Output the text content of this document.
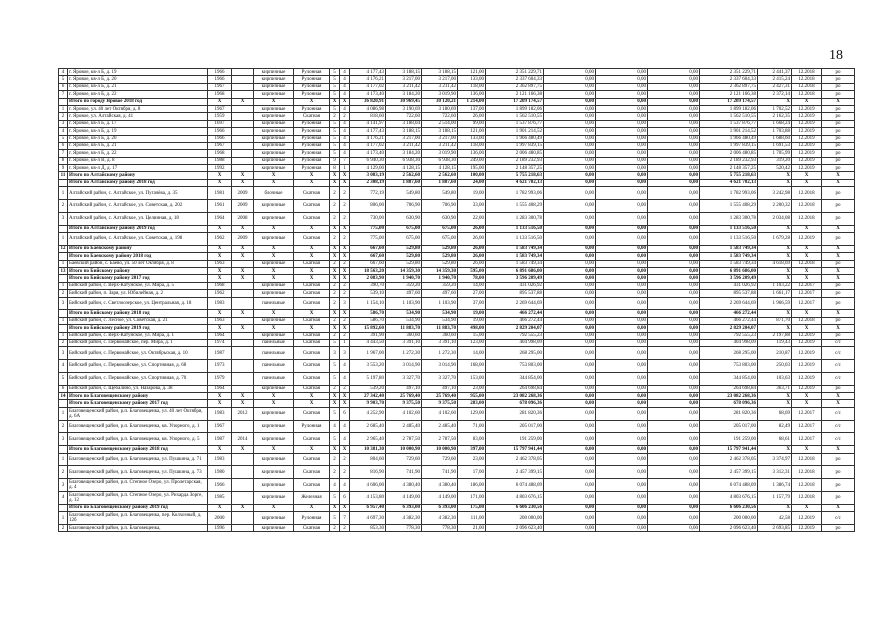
18
4	г. Яровое, кв-л Б, д. 19	1966		кирпичные	Рулонная	5	4	4 177,43	3 188,15	3 188,15	121,00	2 351 229,71	0,00	0,00	0,00	2 351 229,71	2 441,37	12.2018	ро
5	г. Яровое, кв-л Б, д. 20	1966		кирпичные	Рулонная	5	4	4 176,21	3 217,00	3 217,00	133,00	2 337 604,33	0,00	0,00	0,00	2 337 604,33	2 415,24	12.2018	ро
6	г. Яровое, кв-л Б, д. 21	1967		кирпичные	Рулонная	5	4	4 177,02	3 211,42	3 211,42	118,00	2 362 897,75	0,00	0,00	0,00	2 362 897,75	2 427,31	12.2018	ро
7	г. Яровое, кв-л Б, д. 22	1968		кирпичные	Рулонная	5	4	4 173,40	3 184,20	3 019,90	136,00	2 121 166,38	0,00	0,00	0,00	2 121 166,38	2 372,14	12.2018	ро
	Итого по городу Яровое 2018 год	X	X	X	X	X	X	36 820,91	30 969,45	30 120,21	1 214,00	17 209 174,57	0,00	0,00	0,00	17 209 174,57	X	X	X
1	г. Яровое, ул. 40 лет Октября, д. 8	1967		кирпичные	Рулонная	5	4	4 086,98	3 190,69	3 180,69	137,00	1 899 182,06	0,00	0,00	0,00	1 899 182,06	1 702,52	12.2019	ро
2	г. Яровое, ул. Алтайская, д. 41	1959		кирпичные	Скатная	2	2	818,60	722,60	722,60	26,00	1 562 510,55	0,00	0,00	0,00	1 562 510,55	2 162,35	12.2019	ро
3	г. Яровое, кв-л Б, д. 17	1697		кирпичные	Рулонная	5	4	4 141,97	3 188,04	2 514,00	99,00	1 537 876,77	0,00	0,00	0,00	1 537 876,77	1 668,24	12.2019	ро
4	г. Яровое, кв-л Б, д. 19	1966		кирпичные	Рулонная	5	4	4 177,43	3 188,15	3 188,15	121,00	1 901 214,52	0,00	0,00	0,00	1 901 214,52	1 703,88	12.2019	ро
5	г. Яровое, кв-л Б, д. 20	1966		кирпичные	Рулонная	5	4	4 176,21	3 217,00	3 217,00	133,00	1 966 480,49	0,00	0,00	0,00	1 966 480,49	1 688,60	12.2019	ро
6	г. Яровое, кв-л Б, д. 21	1967		кирпичные	Рулонная	5	4	4 177,02	3 211,42	3 211,42	118,00	1 997 839,15	0,00	0,00	0,00	1 997 839,15	1 691,53	12.2019	ро
7	г. Яровое, кв-л Б, д. 22	1968		кирпичные	Рулонная	5	4	4 173,40	3 184,20	3 019,90	136,00	2 006 480,85	0,00	0,00	0,00	2 006 480,85	1 705,99	12.2019	ро
8	г. Яровое, кв-л В, д. 8	1988		кирпичные	Рулонная	9	7	6 940,30	6 938,30	6 938,30	249,00	2 189 232,93	0,00	0,00	0,00	2 189 232,93	319,20	12.2019	ро
9	г. Яровое, кв-л Д, д. 17	1992		кирпичные	Рулонная	8	1	4 129,00	4 128,15	4 128,15	195,00	2 148 357,25	0,00	0,00	0,00	2 148 357,25	520,42	12.2019	ро
11	Итого по Алтайскому району	X	X	X	X	X	X	3 083,19	2 562,60	2 562,60	100,00	5 755 218,63	0,00	0,00	0,00	5 755 218,63	X	X	X
	Итого по Алтайскому району 2018 год	X	X	X	X	X	X	2 308,19	1 887,60	1 887,60	24,00	4 621 702,13	0,00	0,00	0,00	4 621 702,13	X	X	X
1	Алтайский район, с. Алтайское, ул. Пугачёва, д. 35	1981	2009	блочные	Скатная	2	2	772,19	549,80	549,80	19,00	1 782 993,06	0,00	0,00	0,00	1 782 993,06	3 242,98	12.2018	ро
2	Алтайский район, с. Алтайское, ул. Советская, д. 202	1961	2009	кирпичные	Скатная	2	2	806,00	706,90	706,90	33,00	1 555 408,29	0,00	0,00	0,00	1 555 408,29	2 200,32	12.2018	ро
3	Алтайский район, с. Алтайское, ул. Целинная, д. 18	1964	2008	кирпичные	Скатная	2	2	730,00	630,90	630,90	22,00	1 283 300,78	0,00	0,00	0,00	1 283 300,78	2 034,08	12.2018	ро
	Итого по Алтайскому району 2019 год	X	X	X	X	X	X	775,00	675,00	675,00	26,00	1 133 516,50	0,00	0,00	0,00	1 133 516,50	X	X	X
1	Алтайский район, с. Алтайское, ул. Советская, д. 198	1962	2009	кирпичные	Скатная	2	2	775,00	675,00	675,00	26,00	1 133 516,50	0,00	0,00	0,00	1 133 516,50	1 679,28	12.2019	ро
12	Итого по Баевскому району	X	X	X	X	X	X	667,60	529,80	529,80	26,00	1 583 749,34	0,00	0,00	0,00	1 583 749,34	X	X	X
	Итого по Баевскому району 2018 год	X	X	X	X	X	X	667,60	529,80	529,80	26,00	1 583 749,34	0,00	0,00	0,00	1 583 749,34	X	X	X
1	Баевский район, с. Баево, ул. 50 лет Октября, д. 8	1963		кирпичные	Скатная	2	2	667,60	529,80	529,80	26,00	1 583 749,34	0,00	0,00	0,00	1 583 749,34	4 618,69	12.2018	ро
13	Итого по Бийскому району	X	X	X	X	X	X	18 563,20	14 359,30	14 359,30	595,00	6 891 686,00	0,00	0,00	0,00	6 891 686,00	X	X	X
	Итого по Бийскому району 2017 год	X	X	X	X	X	X	2 083,90	1 940,70	1 940,70	78,00	3 596 209,49	0,00	0,00	0,00	3 596 209,49	X	X	X
1	Бийский район, с. Верх-Катунское, ул. Мира, д. 5	1968		кирпичные	Скатная	2	2	390,70	359,20	359,20	14,00	431 026,92	0,00	0,00	0,00	431 026,92	1 103,22	12.2017	ро
2	Бийский район, п. Заря, ул. Юбилейная, д. 2	1962		кирпичные	Скатная	2	2	539,10	497,60	497,60	27,00	895 537,88	0,00	0,00	0,00	895 537,88	1 661,17	12.2017	ро
3	Бийский район, с. Светлоозерское, ул. Центральная, д. 18	1983		панельные	Скатная	2	3	1 154,10	1 103,90	1 103,90	37,00	2 269 644,69	0,00	0,00	0,00	2 269 644,69	1 966,59	12.2017	ро
	Итого по Бийскому району 2018 год	X	X	X	X	X	X	586,70	534,90	534,90	19,00	466 272,44	0,00	0,00	0,00	466 272,44	X	X	X
1	Бийский район, с. Лесное, ул. Советская, д. 21	1963		кирпичные	Скатная	2	2	586,70	534,90	534,90	19,00	466 272,44	0,00	0,00	0,00	466 272,44	871,70	12.2018	ро
	Итого по Бийскому району 2019 год	X	X	X	X	X	X	15 892,60	11 883,70	11 883,70	498,00	2 829 204,07	0,00	0,00	0,00	2 829 204,07	X	X	X
1	Бийский район, с. Верх-Катунское, ул. Мира, д. 1	1964		кирпичные	Скатная	2	2	391,90	360,60	360,60	15,00	792 555,23	0,00	0,00	0,00	792 555,23	2 197,88	12.2019	ро
2	Бийский район, с. Первомайское, пер. Мира, д. 1	1974		панельные	Скатная	5	1	4 443,50	3 391,10	3 391,10	123,00	404 998,09	0,00	0,00	0,00	404 998,09	119,43	12.2019	с/с
3	Бийский район, с. Первомайское, ул. Октябрьская, д. 10	1987		панельные	Скатная	3	3	1 967,00	1 272,30	1 272,30	14,00	268 295,00	0,00	0,00	0,00	268 295,00	210,87	12.2019	с/с
4	Бийский район, с. Первомайское, ул. Спортивная, д. 68	1973		панельные	Скатная	5	4	3 553,20	3 014,90	3 014,90	168,00	753 803,00	0,00	0,00	0,00	753 803,00	250,03	12.2019	с/с
5	Бийский район, с. Первомайское, ул. Спортивная, д. 70	1979		панельные	Скатная	5	4	5 197,80	3 327,70	3 327,70	153,00	344 854,00	0,00	0,00	0,00	344 854,00	103,63	12.2019	с/с
6	Бийский район, с. Щебалино, ул. Назарова, д. 38	1964		кирпичные	Скатная	2	2	539,20	497,10	497,10	23,00	264 698,84	0,00	0,00	0,00	264 698,84	363,71	12.2019	ро
14	Итого по Благовещенскому району	X	X	X	X	X	X	27 342,40	25 769,40	25 769,40	955,00	23 082 268,36	0,00	0,00	0,00	23 082 268,36	X	X	X
	Итого по Благовещенскому району 2017 год	X	X	X	X	X	X	9 903,70	9 375,50	9 375,50	283,00	678 096,36	0,00	0,00	0,00	678 096,36	X	X	X
1	Благовещенский район, р.п. Благовещенка, ул. 40 лет Октября, д. 6А	1983	2012	кирпичные	Скатная	5	6	4 252,90	4 102,60	4 102,60	129,00	281 820,36	0,00	0,00	0,00	281 820,36	68,69	12.2017	с/с
2	Благовещенский район, р.п. Благовещенка, кв. Упорного, д. 1	1967		кирпичные	Рулонная	4	4	2 685,40	2 485,40	2 485,40	71,00	205 017,00	0,00	0,00	0,00	205 017,00	82,49	12.2017	с/с
3	Благовещенский район, р.п. Благовещенка, кв. Упорного, д. 5	1987	2014	кирпичные	Скатная	5	4	2 965,40	2 787,50	2 787,50	83,00	191 259,00	0,00	0,00	0,00	191 259,00	68,61	12.2017	с/с
	Итого по Благовещенскому району 2018 год	X	X	X	X	X	X	10 381,30	10 000,90	10 000,90	397,00	15 797 941,44	0,00	0,00	0,00	15 797 941,44	X	X	X
1	Благовещенский район, р.п. Благовещенка, ул. Пушкина, д. 71	1983		кирпичные	Скатная	2	2	804,60	729,60	729,60	23,00	2 462 378,05	0,00	0,00	0,00	2 462 378,05	3 374,97	12.2018	ро
2	Благовещенский район, р.п. Благовещенка, ул. Пушкина, д. 73	1980		кирпичные	Скатная	2	2	816,90	741,90	741,90	17,00	2 457 399,15	0,00	0,00	0,00	2 457 399,15	3 312,31	12.2018	ро
3	Благовещенский район, р.п. Степное Озеро, ул. Пролетарская, д. 4	1966		кирпичные	Скатная	4	4	4 606,00	4 380,40	4 380,40	186,00	6 074 488,09	0,00	0,00	0,00	6 074 488,09	1 386,74	12.2018	ро
4	Благовещенский район, р.п. Степное Озеро, ул. Рихарда Зорге, д. 12	1985		кирпичные	Железная	5	6	4 153,80	4 149,00	4 149,00	171,00	4 803 676,15	0,00	0,00	0,00	4 803 676,15	1 157,79	12.2018	ро
	Итого по Благовещенскому району 2019 год	X	X	X	X	X	X	6 957,40	6 393,00	6 393,00	175,00	6 606 230,56	0,00	0,00	0,00	6 606 230,56	X	X	X
1	Благовещенский район, р.п. Благовещенка, пер. Колхозный, д. 12б	2000		кирпичные	Рулонная	5	7	4 697,30	4 382,30	4 382,30	111,00	200 000,00	0,00	0,00	0,00	200 000,00	42,58	12.2019	с/с
2	Благовещенский район, р.п. Благовещенка,	1996		кирпичные	Скатная	2	2	853,30	778,30	778,30	21,00	2 096 623,40	0,00	0,00	0,00	2 096 623,40	2 693,85	12.2019	ро
